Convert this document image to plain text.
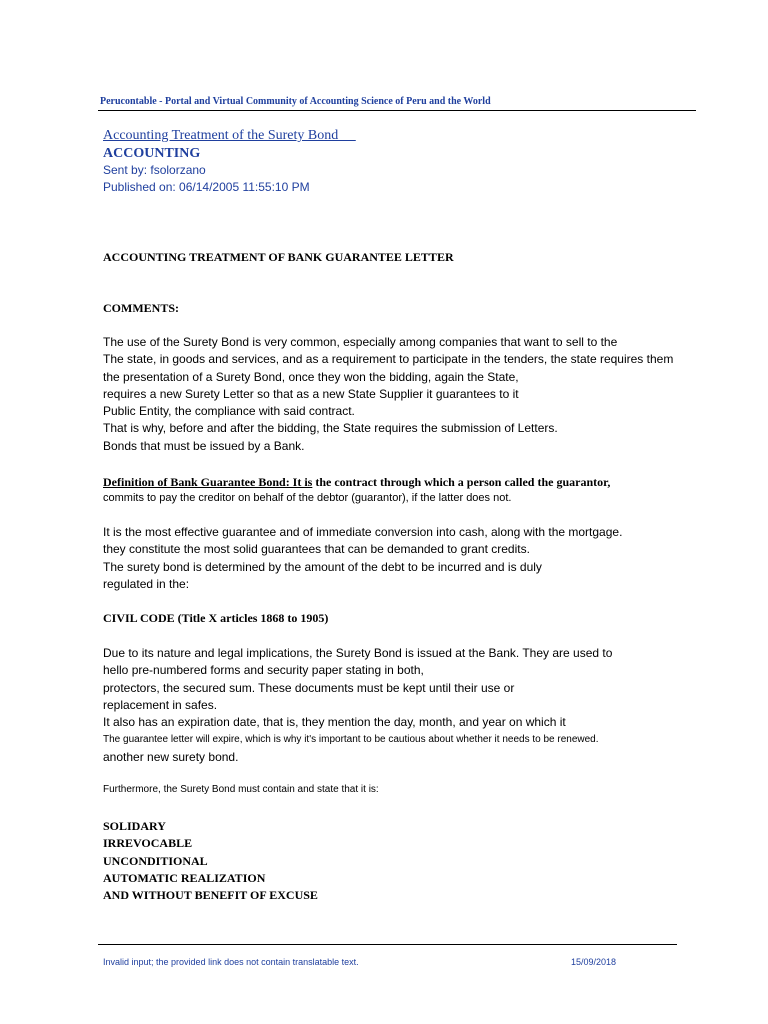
Perucontable - Portal and Virtual Community of Accounting Science of Peru and the World
Accounting Treatment of the Surety Bond
ACCOUNTING
Sent by: fsolorzano
Published on: 06/14/2005 11:55:10 PM
ACCOUNTING TREATMENT OF BANK GUARANTEE LETTER
COMMENTS:
The use of the Surety Bond is very common, especially among companies that want to sell to the
The state, in goods and services, and as a requirement to participate in the tenders, the state requires them
the presentation of a Surety Bond, once they won the bidding, again the State,
requires a new Surety Letter so that as a new State Supplier it guarantees to it
Public Entity, the compliance with said contract.
That is why, before and after the bidding, the State requires the submission of Letters.
Bonds that must be issued by a Bank.
Definition of Bank Guarantee Bond: It is the contract through which a person called the guarantor,
commits to pay the creditor on behalf of the debtor (guarantor), if the latter does not.
It is the most effective guarantee and of immediate conversion into cash, along with the mortgage.
they constitute the most solid guarantees that can be demanded to grant credits.
The surety bond is determined by the amount of the debt to be incurred and is duly
regulated in the:
CIVIL CODE (Title X articles 1868 to 1905)
Due to its nature and legal implications, the Surety Bond is issued at the Bank. They are used to
hello pre-numbered forms and security paper stating in both,
protectors, the secured sum. These documents must be kept until their use or
replacement in safes.
It also has an expiration date, that is, they mention the day, month, and year on which it
The guarantee letter will expire, which is why it's important to be cautious about whether it needs to be renewed.
another new surety bond.
Furthermore, the Surety Bond must contain and state that it is:
SOLIDARY
IRREVOCABLE
UNCONDITIONAL
AUTOMATIC REALIZATION
AND WITHOUT BENEFIT OF EXCUSE
Invalid input; the provided link does not contain translatable text.	15/09/2018
